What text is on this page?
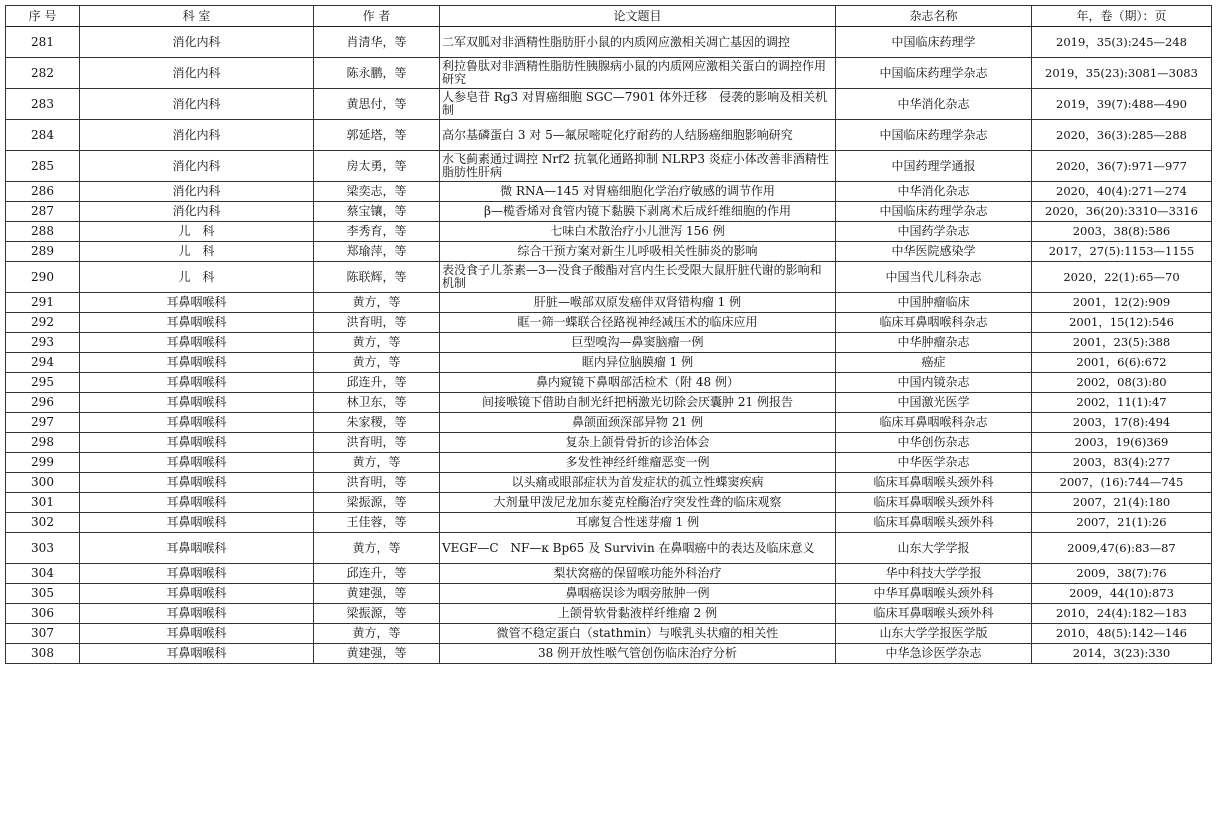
序 号	科 室	作 者	论文题目	杂志名称	年，卷（期）：页
281	消化内科	肖清华，等	二军双胍对非酒精性脂肪肝小鼠的内质网应激相关凋亡基因的调控	中国临床药理学	2019，35(3):245—248
282	消化内科	陈永鹏，等	利拉鲁肽对非酒精性脂肪性胰腺病小鼠的内质网应激相关蛋白的调控作用研究	中国临床药理学杂志	2019，35(23):3081—3083
283	消化内科	黄思付，等	人参皂苷 Rg3 对胃癌细胞 SGC—7901 体外迁移　侵袭的影响及相关机制	中华消化杂志	2019，39(7):488—490
284	消化内科	郭延塔，等	高尔基磷蛋白 3 对 5—氟尿嘧啶化疗耐药的人结肠癌细胞影响研究	中国临床药理学杂志	2020，36(3):285—288
285	消化内科	房太勇，等	水飞蓟素通过调控 Nrf2 抗氧化通路抑制 NLRP3 炎症小体改善非酒精性脂肪性肝病	中国药理学通报	2020，36(7):971—977
286	消化内科	梁奕志，等	微 RNA—145 对胃癌细胞化学治疗敏感的调节作用	中华消化杂志	2020，40(4):271—274
287	消化内科	蔡宝镶，等	β—榄香烯对食管内镜下黏膜下剥离术后成纤维细胞的作用	中国临床药理学杂志	2020，36(20):3310—3316
288	儿　科	李秀育，等	七味白术散治疗小儿泄泻 156 例	中国药学杂志	2003，38(8):586
289	儿　科	郑瑜萍，等	综合干预方案对新生儿呼吸相关性肺炎的影响	中华医院感染学	2017，27(5):1153—1155
290	儿　科	陈联辉，等	表没食子儿茶素—3—没食子酸酯对宫内生长受限大鼠肝脏代谢的影响和机制	中国当代儿科杂志	2020，22(1):65—70
291	耳鼻咽喉科	黄方，等	肝脏—喉部双原发癌伴双肾错构瘤 1 例	中国肿瘤临床	2001，12(2):909
292	耳鼻咽喉科	洪育明，等	眶一筛一蝶联合径路视神经减压术的临床应用	临床耳鼻咽喉科杂志	2001，15(12):546
293	耳鼻咽喉科	黄方，等	巨型嗅沟—鼻窦脑瘤一例	中华肿瘤杂志	2001，23(5):388
294	耳鼻咽喉科	黄方，等	眶内异位脑膜瘤 1 例	癌症	2001，6(6):672
295	耳鼻咽喉科	邱连升，等	鼻内窥镜下鼻咽部活检术（附 48 例）	中国内镜杂志	2002，08(3):80
296	耳鼻咽喉科	林卫东，等	间接喉镜下借助自制光纤把柄激光切除会厌囊肿 21 例报告	中国激光医学	2002，11(1):47
297	耳鼻咽喉科	朱家稷，等	鼻颌面颈深部异物 21 例	临床耳鼻咽喉科杂志	2003，17(8):494
298	耳鼻咽喉科	洪育明，等	复杂上颌骨骨折的诊治体会	中华创伤杂志	2003，19(6)369
299	耳鼻咽喉科	黄方，等	多发性神经纤维瘤恶变一例	中华医学杂志	2003，83(4):277
300	耳鼻咽喉科	洪育明，等	以头痛或眼部症状为首发症状的孤立性蝶窦疾病	临床耳鼻咽喉头颈外科	2007，(16):744—745
301	耳鼻咽喉科	梁振源，等	大剂量甲泼尼龙加东菱克栓酶治疗突发性聋的临床观察	临床耳鼻咽喉头颈外科	2007，21(4):180
302	耳鼻咽喉科	王佳蓉，等	耳廓复合性迷芽瘤 1 例	临床耳鼻咽喉头颈外科	2007，21(1):26
303	耳鼻咽喉科	黄方，等	VEGF—C　NF—κ Bp65 及 Survivin 在鼻咽癌中的表达及临床意义	山东大学学报	2009,47(6):83—87
304	耳鼻咽喉科	邱连升，等	梨状窝癌的保留喉功能外科治疗	华中科技大学学报	2009，38(7):76
305	耳鼻咽喉科	黄建强，等	鼻咽癌误诊为咽旁脓肿一例	中华耳鼻咽喉头颈外科	2009，44(10):873
306	耳鼻咽喉科	梁振源，等	上颌骨软骨黏液样纤维瘤 2 例	临床耳鼻咽喉头颈外科	2010，24(4):182—183
307	耳鼻咽喉科	黄方，等	微管不稳定蛋白（stathmin）与喉乳头状瘤的相关性	山东大学学报医学版	2010，48(5):142—146
308	耳鼻咽喉科	黄建强，等	38 例开放性喉气管创伤临床治疗分析	中华急诊医学杂志	2014，3(23):330
